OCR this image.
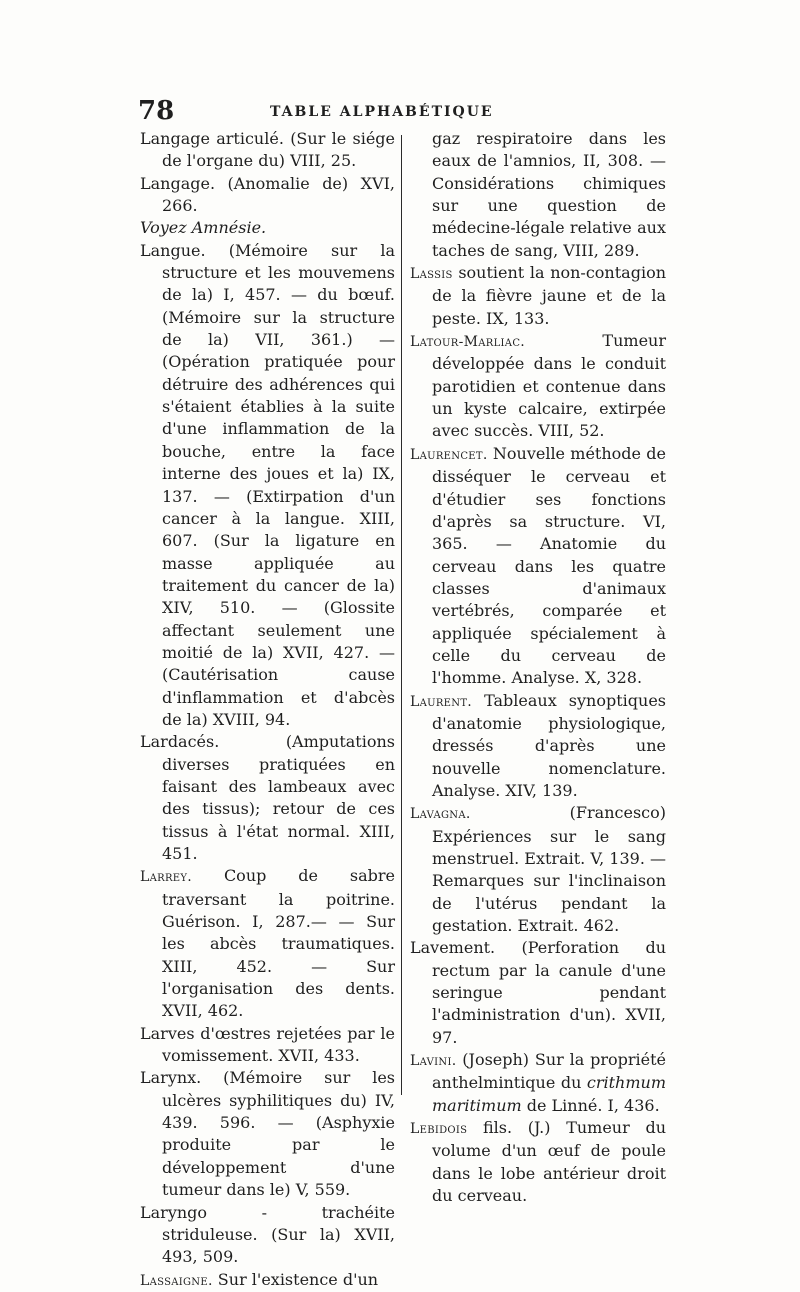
78	TABLE ALPHABÉTIQUE

Langage articulé. (Sur le siége de l'organe du) VIII, 25.

Langage. (Anomalie de) XVI, 266.

Voyez Amnésie.

Langue. (Mémoire sur la structure et les mouvemens de la) I, 457. — du bœuf. (Mémoire sur la structure de la) VII, 361.) — (Opération pratiquée pour détruire des adhérences qui s'étaient établies à la suite d'une inflammation de la bouche, entre la face interne des joues et la) IX, 137. — (Extirpation d'un cancer à la langue. XIII, 607. (Sur la ligature en masse appliquée au traitement du cancer de la) XIV, 510. — (Glossite affectant seulement une moitié de la) XVII, 427. — (Cautérisation cause d'inflammation et d'abcès de la) XVIII, 94.

Lardacés. (Amputations diverses pratiquées en faisant des lambeaux avec des tissus); retour de ces tissus à l'état normal. XIII, 451.

Larrey. Coup de sabre traversant la poitrine. Guérison. I, 287.— — Sur les abcès traumatiques. XIII, 452. — Sur l'organisation des dents. XVII, 462.

Larves d'œstres rejetées par le vomissement. XVII, 433.

Larynx. (Mémoire sur les ulcères syphilitiques du) IV, 439. 596. — (Asphyxie produite par le développement d'une tumeur dans le) V, 559.

Laryngo - trachéite striduleuse. (Sur la) XVII, 493, 509.

Lassaigne. Sur l'existence d'un

gaz respiratoire dans les eaux de l'amnios, II, 308. — Considérations chimiques sur une question de médecine-légale relative aux taches de sang, VIII, 289.

Lassis soutient la non-contagion de la fièvre jaune et de la peste. IX, 133.

Latour-Marliac. Tumeur développée dans le conduit parotidien et contenue dans un kyste calcaire, extirpée avec succès. VIII, 52.

Laurencet. Nouvelle méthode de disséquer le cerveau et d'étudier ses fonctions d'après sa structure. VI, 365. — Anatomie du cerveau dans les quatre classes d'animaux vertébrés, comparée et appliquée spécialement à celle du cerveau de l'homme. Analyse. X, 328.

Laurent. Tableaux synoptiques d'anatomie physiologique, dressés d'après une nouvelle nomenclature. Analyse. XIV, 139.

Lavagna. (Francesco) Expériences sur le sang menstruel. Extrait. V, 139. — Remarques sur l'inclinaison de l'utérus pendant la gestation. Extrait. 462.

Lavement. (Perforation du rectum par la canule d'une seringue pendant l'administration d'un). XVII, 97.

Lavini. (Joseph) Sur la propriété anthelmintique du crithmum maritimum de Linné. I, 436.

Lebidois fils. (J.) Tumeur du volume d'un œuf de poule dans le lobe antérieur droit du cerveau.
